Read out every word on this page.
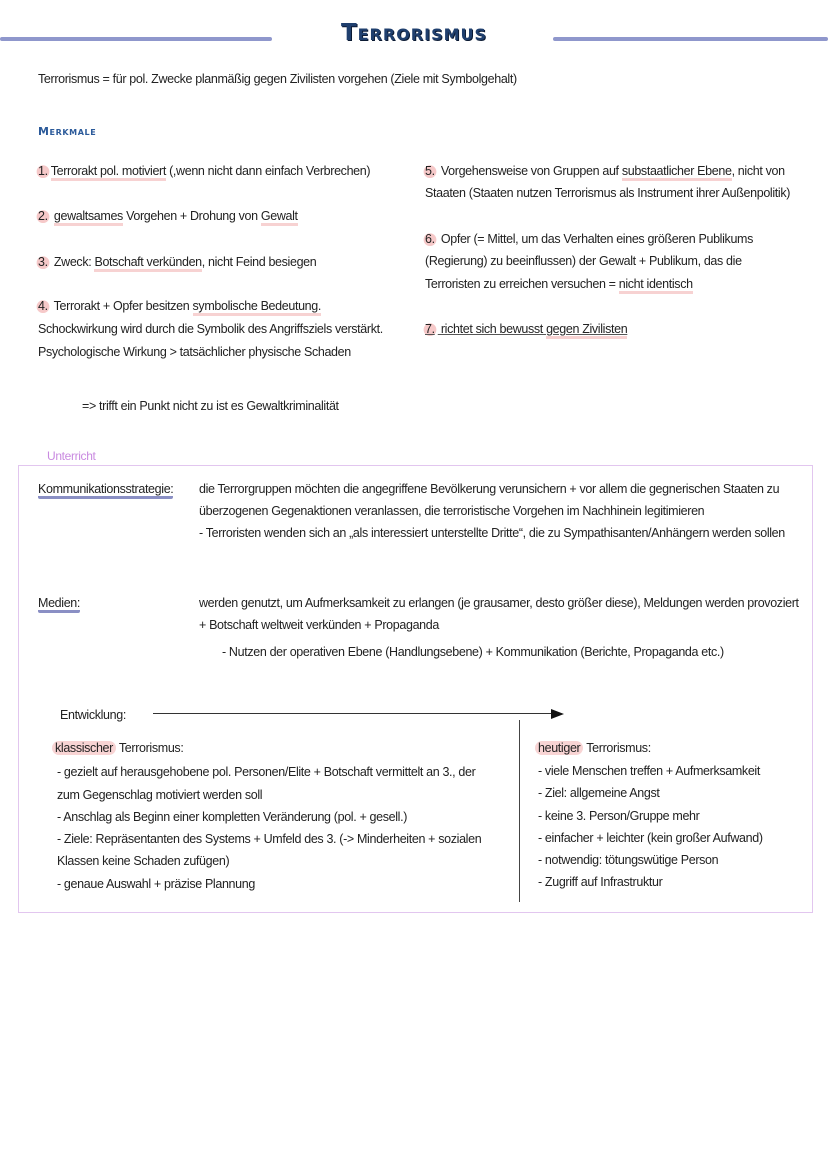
Terrorismus
Terrorismus = für pol. Zwecke planmäßig gegen Zivilisten vorgehen (Ziele mit Symbolgehalt)
Merkmale
1. Terrorakt pol. motiviert (,wenn nicht dann einfach Verbrechen)
2. gewaltsames Vorgehen + Drohung von Gewalt
3. Zweck: Botschaft verkünden, nicht Feind besiegen
4. Terrorakt + Opfer besitzen symbolische Bedeutung.
Schockwirkung wird durch die Symbolik des Angriffsziels verstärkt.
Psychologische Wirkung > tatsächlicher physische Schaden
=> trifft ein Punkt nicht zu ist es Gewaltkriminalität
5. Vorgehensweise von Gruppen auf substaatlicher Ebene, nicht von
Staaten (Staaten nutzen Terrorismus als Instrument ihrer Außenpolitik)
6. Opfer (= Mittel, um das Verhalten eines größeren Publikums
(Regierung) zu beeinflussen) der Gewalt + Publikum, das die
Terroristen zu erreichen versuchen = nicht identisch
7. richtet sich bewusst gegen Zivilisten
Unterricht
Kommunikationsstrategie: die Terrorgruppen möchten die angegriffene Bevölkerung verunsichern + vor allem die gegnerischen Staaten zu
überzogenen Gegenaktionen veranlassen, die terroristische Vorgehen im Nachhinein legitimieren
- Terroristen wenden sich an „als interessiert unterstellte Dritte“, die zu Sympathisanten/Anhängern werden sollen
Medien:	werden genutzt, um Aufmerksamkeit zu erlangen (je grausamer, desto größer diese), Meldungen werden provoziert
+ Botschaft weltweit verkünden + Propaganda
- Nutzen der operativen Ebene (Handlungsebene) + Kommunikation (Berichte, Propaganda etc.)
Entwicklung:
klassischer Terrorismus:
- gezielt auf herausgehobene pol. Personen/Elite + Botschaft vermittelt an 3., der
zum Gegenschlag motiviert werden soll
- Anschlag als Beginn einer kompletten Veränderung (pol. + gesell.)
- Ziele: Repräsentanten des Systems + Umfeld des 3. (-> Minderheiten + sozialen
Klassen keine Schaden zufügen)
- genaue Auswahl + präzise Plannung
heutiger Terrorismus:
- viele Menschen treffen + Aufmerksamkeit
- Ziel: allgemeine Angst
- keine 3. Person/Gruppe mehr
- einfacher + leichter (kein großer Aufwand)
- notwendig: tötungswütige Person
- Zugriff auf Infrastruktur
